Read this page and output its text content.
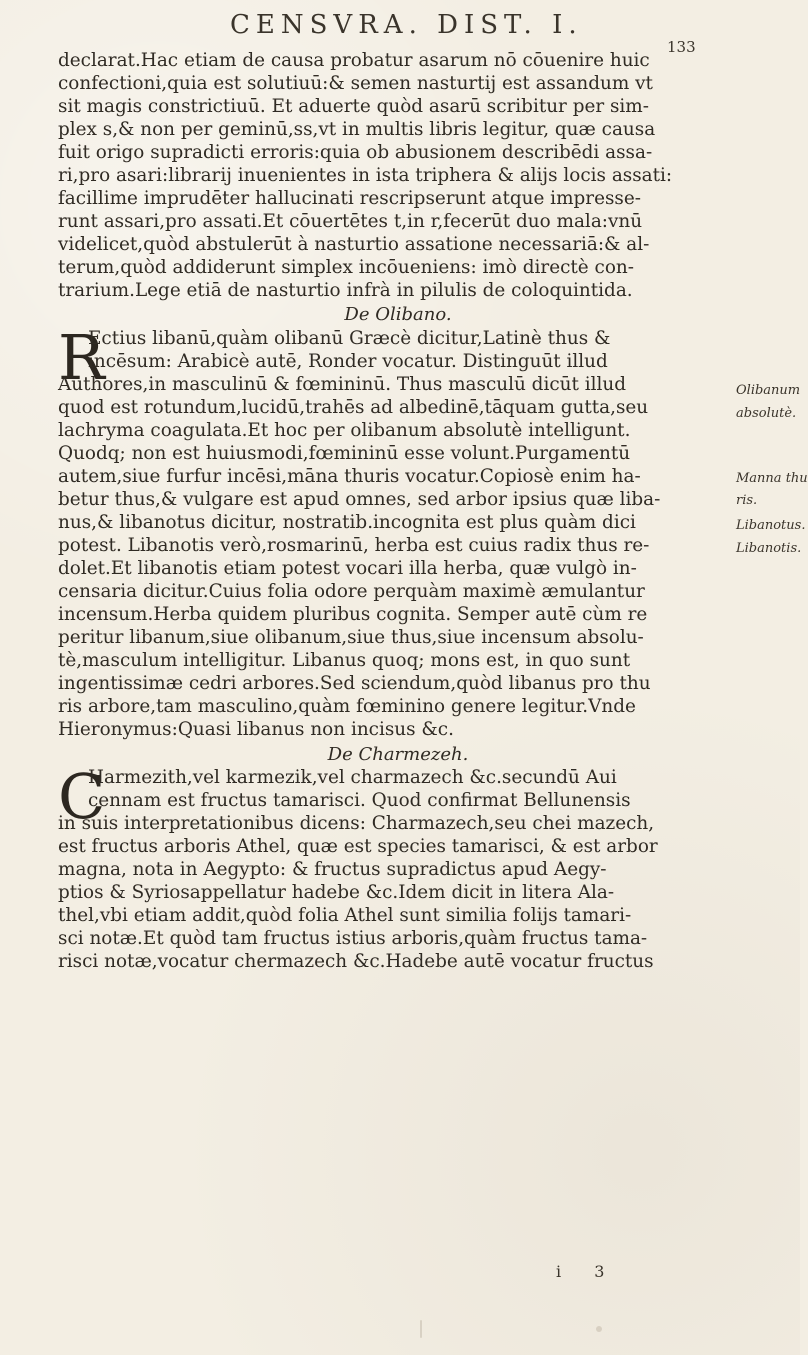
CENSVRA. DIST. I.
133
declarat.Hac etiam de causa probatur asarum nō cōuenire huic
confectioni,quia est solutiuū:& semen nasturtij est assandum vt
sit magis constrictiuū. Et aduerte quòd asarū scribitur per sim-
plex s,& non per geminū,ss,vt in multis libris legitur, quæ causa
fuit origo supradicti erroris:quia ob abusionem describēdi assa-
ri,pro asari:librarij inuenientes in ista triphera & alijs locis assati:
facillime imprudēter hallucinati rescripserunt atque impresse-
runt assari,pro assati.Et cōuertētes t,in r,fecerūt duo mala:vnū
videlicet,quòd abstulerūt à nasturtio assatione necessariā:& al-
terum,quòd addiderunt simplex incōueniens: imò directè con-
trarium.Lege etiā de nasturtio infrà in pilulis de coloquintida.
De Olibano.
R
Ectius libanū,quàm olibanū Græcè dicitur,Latinè thus &
incēsum: Arabicè autē, Ronder vocatur. Distinguūt illud
Authores,in masculinū & fœmininū. Thus masculū dicūt illud
quod est rotundum,lucidū,trahēs ad albedinē,tāquam gutta,seu
lachryma coagulata.Et hoc per olibanum absolutè intelligunt.
Quodq; non est huiusmodi,fœmininū esse volunt.Purgamentū
autem,siue furfur incēsi,māna thuris vocatur.Copiosè enim ha-
betur thus,& vulgare est apud omnes, sed arbor ipsius quæ liba-
nus,& libanotus dicitur, nostratib.incognita est plus quàm dici
potest. Libanotis verò,rosmarinū, herba est cuius radix thus re-
dolet.Et libanotis etiam potest vocari illa herba, quæ vulgò in-
censaria dicitur.Cuius folia odore perquàm maximè æmulantur
incensum.Herba quidem pluribus cognita. Semper autē cùm re
peritur libanum,siue olibanum,siue thus,siue incensum absolu-
tè,masculum intelligitur. Libanus quoq; mons est, in quo sunt
ingentissimæ cedri arbores.Sed sciendum,quòd libanus pro thu
ris arbore,tam masculino,quàm fœminino genere legitur.Vnde
Hieronymus:Quasi libanus non incisus &c.
De Charmezeh.
C
Harmezith,vel karmezik,vel charmazech &c.secundū Aui
cennam est fructus tamarisci. Quod confirmat Bellunensis
in suis interpretationibus dicens: Charmazech,seu chei mazech,
est fructus arboris Athel, quæ est species tamarisci, & est arbor
magna, nota in Aegypto: & fructus supradictus apud Aegy-
ptios & Syriosappellatur hadebe &c.Idem dicit in litera Ala-
thel,vbi etiam addit,quòd folia Athel sunt similia folijs tamari-
sci notæ.Et quòd tam fructus istius arboris,quàm fructus tama-
risci notæ,vocatur chermazech &c.Hadebe autē vocatur fructus
Olibanum
absolutè.
Manna thu
ris.
Libanotus.
Libanotis.
i 3
